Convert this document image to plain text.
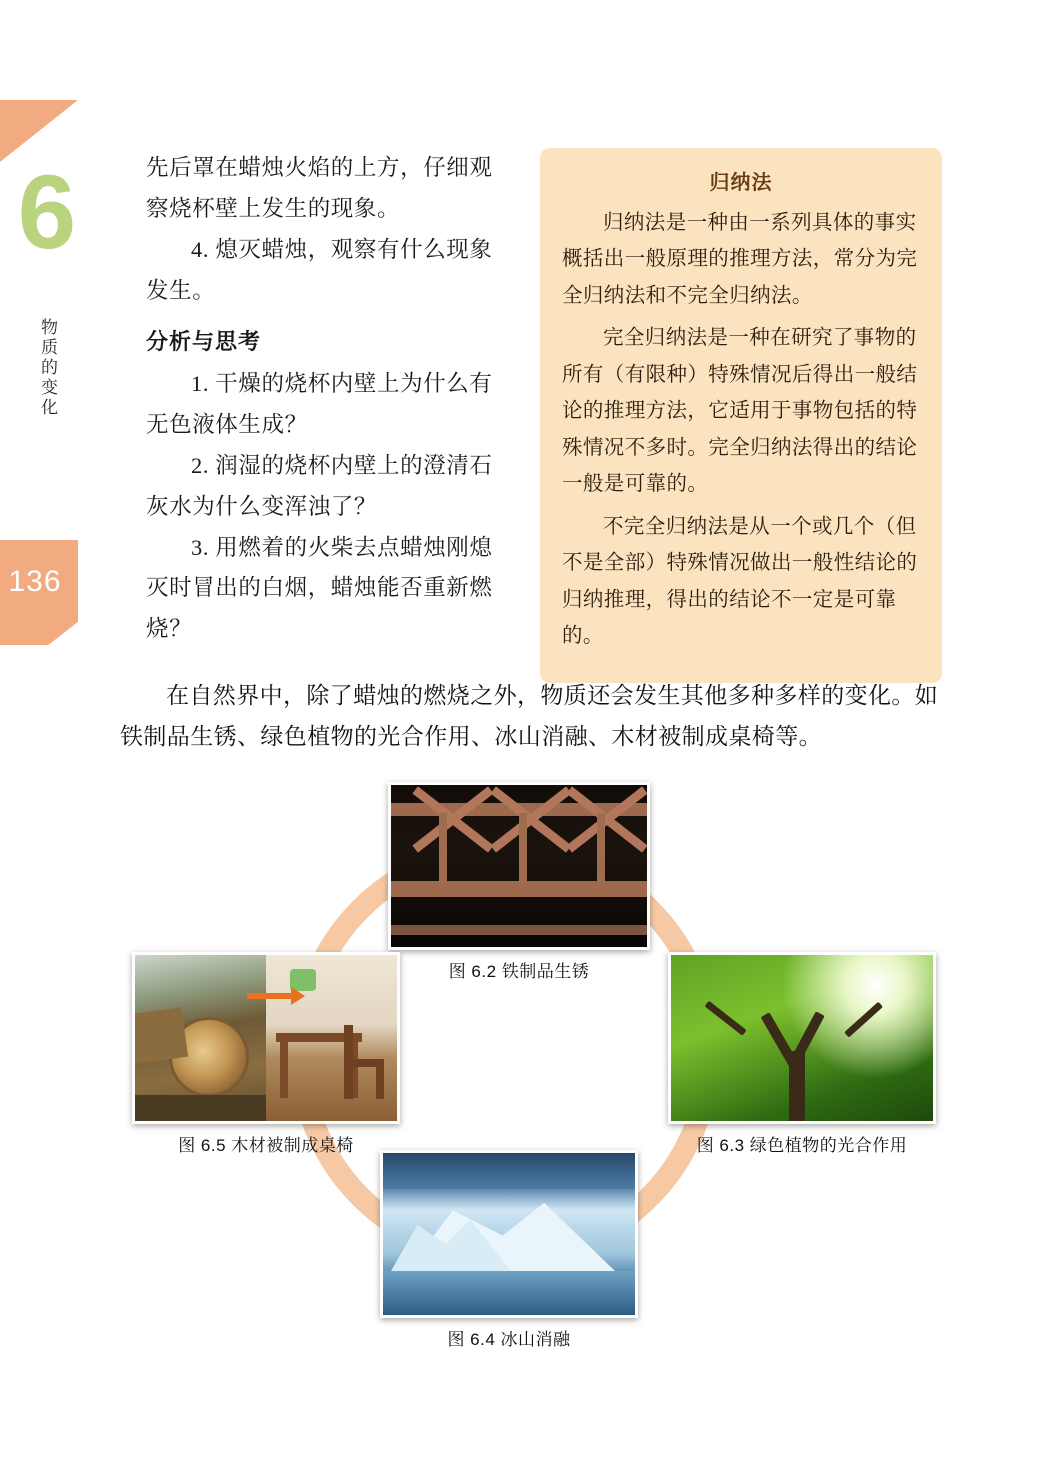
6
物质的变化
136

先后罩在蜡烛火焰的上方，仔细观察烧杯壁上发生的现象。

4. 熄灭蜡烛，观察有什么现象发生。

分析与思考

1. 干燥的烧杯内壁上为什么有无色液体生成？

2. 润湿的烧杯内壁上的澄清石灰水为什么变浑浊了？

3. 用燃着的火柴去点蜡烛刚熄灭时冒出的白烟，蜡烛能否重新燃烧？

归纳法

归纳法是一种由一系列具体的事实概括出一般原理的推理方法，常分为完全归纳法和不完全归纳法。

完全归纳法是一种在研究了事物的所有（有限种）特殊情况后得出一般结论的推理方法，它适用于事物包括的特殊情况不多时。完全归纳法得出的结论一般是可靠的。

不完全归纳法是从一个或几个（但不是全部）特殊情况做出一般性结论的归纳推理，得出的结论不一定是可靠的。

在自然界中，除了蜡烛的燃烧之外，物质还会发生其他多种多样的变化。如铁制品生锈、绿色植物的光合作用、冰山消融、木材被制成桌椅等。

图 6.2 铁制品生锈
图 6.3 绿色植物的光合作用
图 6.4 冰山消融
图 6.5 木材被制成桌椅
